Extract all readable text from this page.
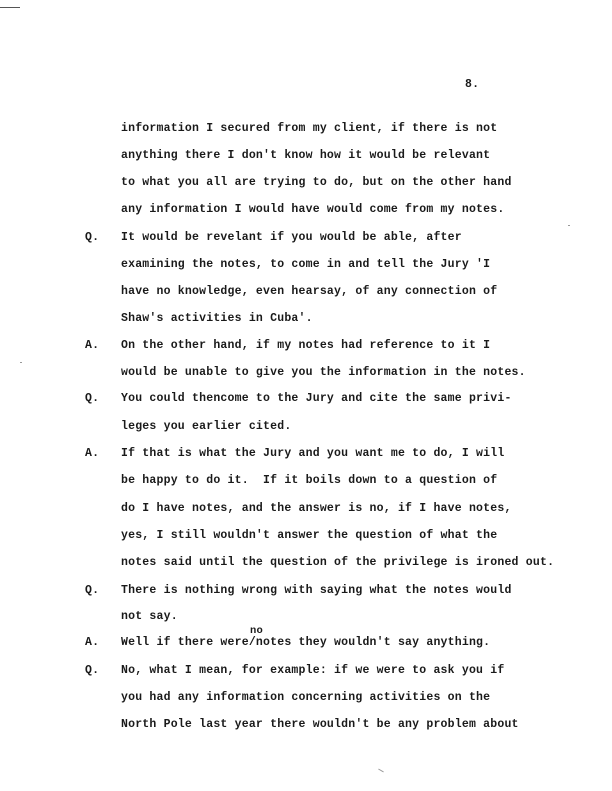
8.
Q.
A.
Q.
A.
Q.
A.
Q.
information I secured from my client, if there is not
anything there I don't know how it would be relevant
to what you all are trying to do, but on the other hand
any information I would have would come from my notes.
It would be revelant if you would be able, after
examining the notes, to come in and tell the Jury 'I
have no knowledge, even hearsay, of any connection of
Shaw's activities in Cuba'.
On the other hand, if my notes had reference to it I
would be unable to give you the information in the notes.
You could thencome to the Jury and cite the same privi-
leges you earlier cited.
If that is what the Jury and you want me to do, I will
be happy to do it.  If it boils down to a question of
do I have notes, and the answer is no, if I have notes,
yes, I still wouldn't answer the question of what the
notes said until the question of the privilege is ironed out.
There is nothing wrong with saying what the notes would
not say.
no
Well if there were/notes they wouldn't say anything.
No, what I mean, for example: if we were to ask you if
you had any information concerning activities on the
North Pole last year there wouldn't be any problem about
